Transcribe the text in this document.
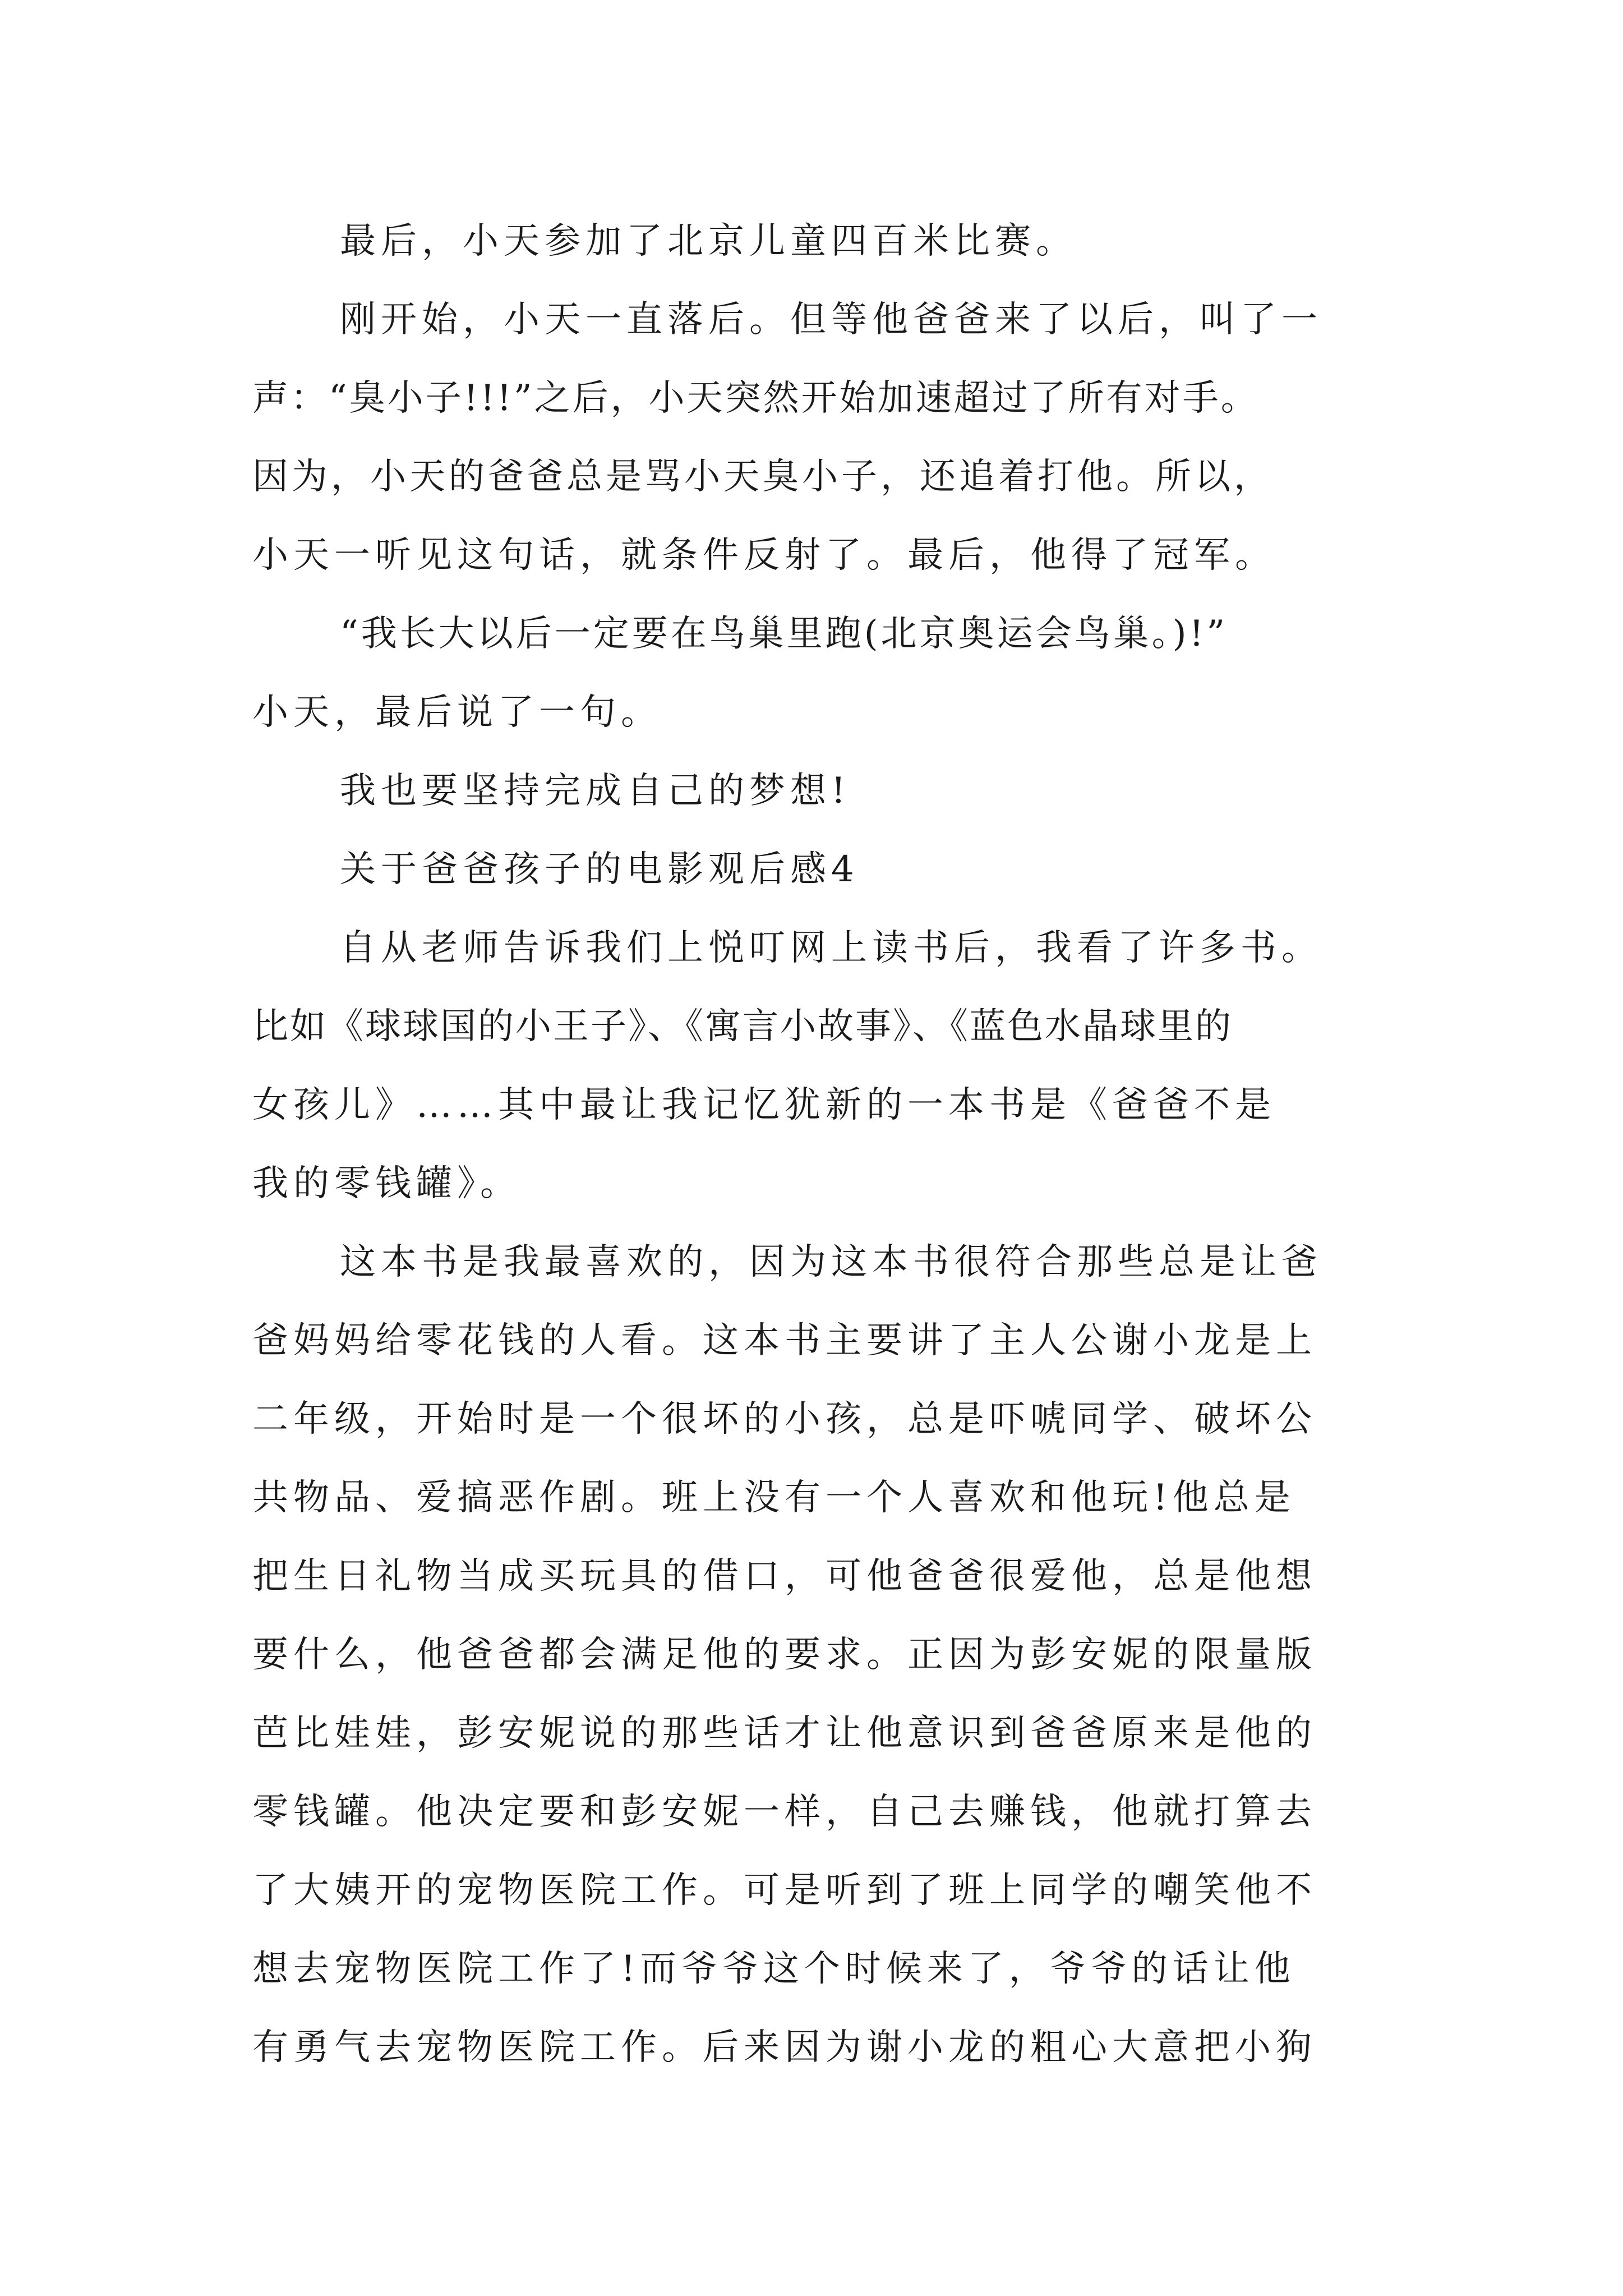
最后，小天参加了北京儿童四百米比赛。
刚开始，小天一直落后。但等他爸爸来了以后，叫了一
声：“臭小子!!!”之后，小天突然开始加速超过了所有对手。
因为，小天的爸爸总是骂小天臭小子，还追着打他。所以，
小天一听见这句话，就条件反射了。最后，他得了冠军。
“我长大以后一定要在鸟巢里跑(北京奥运会鸟巢。)!”
小天，最后说了一句。
我也要坚持完成自己的梦想!
关于爸爸孩子的电影观后感4
自从老师告诉我们上悦叮网上读书后，我看了许多书。
比如《球球国的小王子》、《寓言小故事》、《蓝色水晶球里的
女孩儿》……其中最让我记忆犹新的一本书是《爸爸不是
我的零钱罐》。
这本书是我最喜欢的，因为这本书很符合那些总是让爸
爸妈妈给零花钱的人看。这本书主要讲了主人公谢小龙是上
二年级，开始时是一个很坏的小孩，总是吓唬同学、破坏公
共物品、爱搞恶作剧。班上没有一个人喜欢和他玩!他总是
把生日礼物当成买玩具的借口，可他爸爸很爱他，总是他想
要什么，他爸爸都会满足他的要求。正因为彭安妮的限量版
芭比娃娃，彭安妮说的那些话才让他意识到爸爸原来是他的
零钱罐。他决定要和彭安妮一样，自己去赚钱，他就打算去
了大姨开的宠物医院工作。可是听到了班上同学的嘲笑他不
想去宠物医院工作了!而爷爷这个时候来了，爷爷的话让他
有勇气去宠物医院工作。后来因为谢小龙的粗心大意把小狗
